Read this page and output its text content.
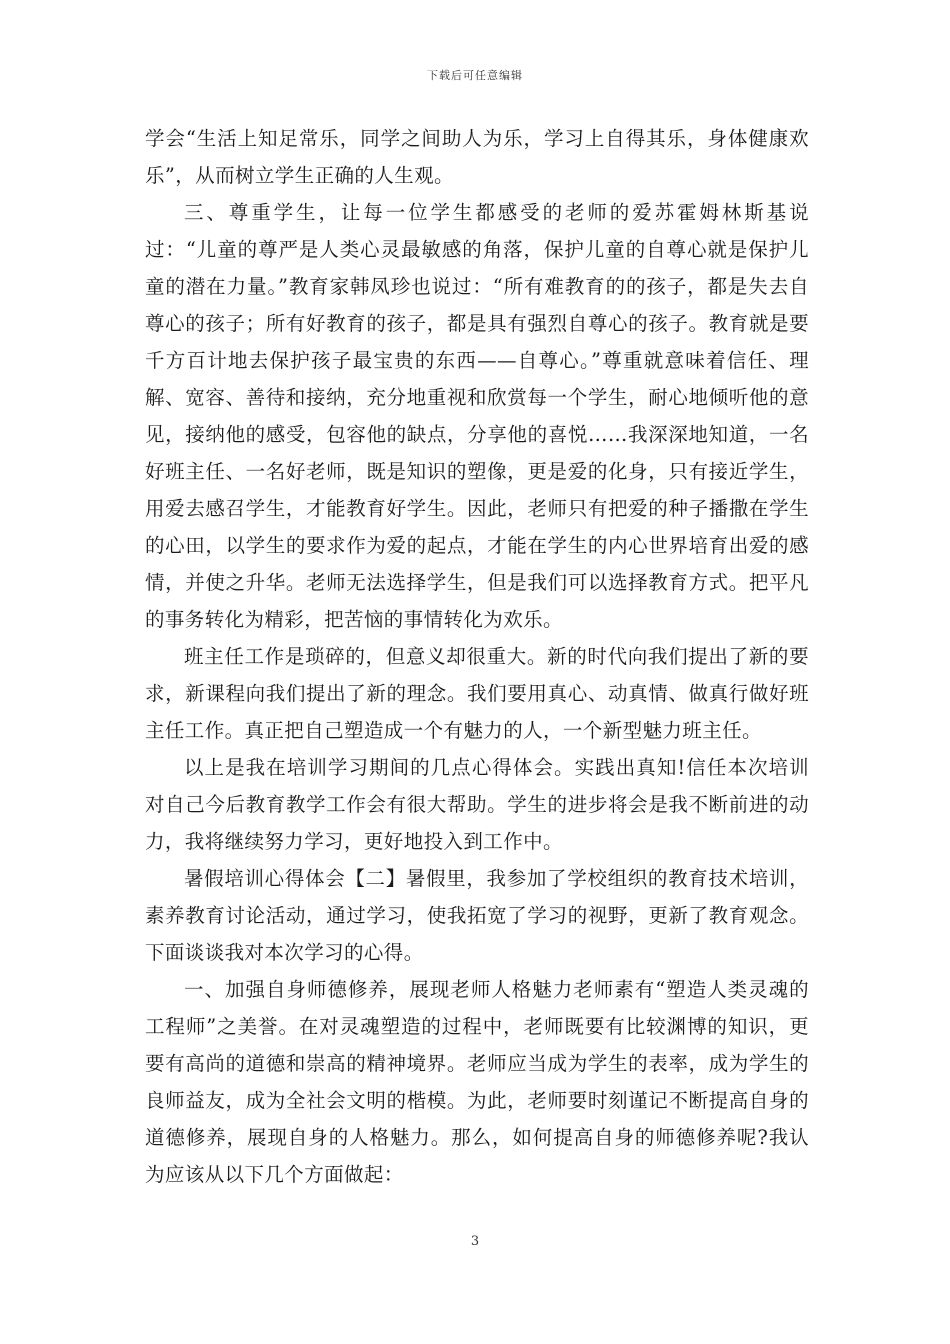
下载后可任意编辑

学会“生活上知足常乐，同学之间助人为乐，学习上自得其乐，身体健康欢乐”，从而树立学生正确的人生观。

三、尊重学生，让每一位学生都感受的老师的爱苏霍姆林斯基说过：“儿童的尊严是人类心灵最敏感的角落，保护儿童的自尊心就是保护儿童的潜在力量。”教育家韩凤珍也说过：“所有难教育的的孩子，都是失去自尊心的孩子；所有好教育的孩子，都是具有强烈自尊心的孩子。教育就是要千方百计地去保护孩子最宝贵的东西——自尊心。”尊重就意味着信任、理解、宽容、善待和接纳，充分地重视和欣赏每一个学生，耐心地倾听他的意见，接纳他的感受，包容他的缺点，分享他的喜悦……我深深地知道，一名好班主任、一名好老师，既是知识的塑像，更是爱的化身，只有接近学生，用爱去感召学生，才能教育好学生。因此，老师只有把爱的种子播撒在学生的心田，以学生的要求作为爱的起点，才能在学生的内心世界培育出爱的感情，并使之升华。老师无法选择学生，但是我们可以选择教育方式。把平凡的事务转化为精彩，把苦恼的事情转化为欢乐。

班主任工作是琐碎的，但意义却很重大。新的时代向我们提出了新的要求，新课程向我们提出了新的理念。我们要用真心、动真情、做真行做好班主任工作。真正把自己塑造成一个有魅力的人，一个新型魅力班主任。

以上是我在培训学习期间的几点心得体会。实践出真知!信任本次培训对自己今后教育教学工作会有很大帮助。学生的进步将会是我不断前进的动力，我将继续努力学习，更好地投入到工作中。

暑假培训心得体会【二】暑假里，我参加了学校组织的教育技术培训，素养教育讨论活动，通过学习，使我拓宽了学习的视野，更新了教育观念。下面谈谈我对本次学习的心得。

一、加强自身师德修养，展现老师人格魅力老师素有“塑造人类灵魂的工程师”之美誉。在对灵魂塑造的过程中，老师既要有比较渊博的知识，更要有高尚的道德和崇高的精神境界。老师应当成为学生的表率，成为学生的良师益友，成为全社会文明的楷模。为此，老师要时刻谨记不断提高自身的道德修养，展现自身的人格魅力。那么，如何提高自身的师德修养呢?我认为应该从以下几个方面做起：

3
